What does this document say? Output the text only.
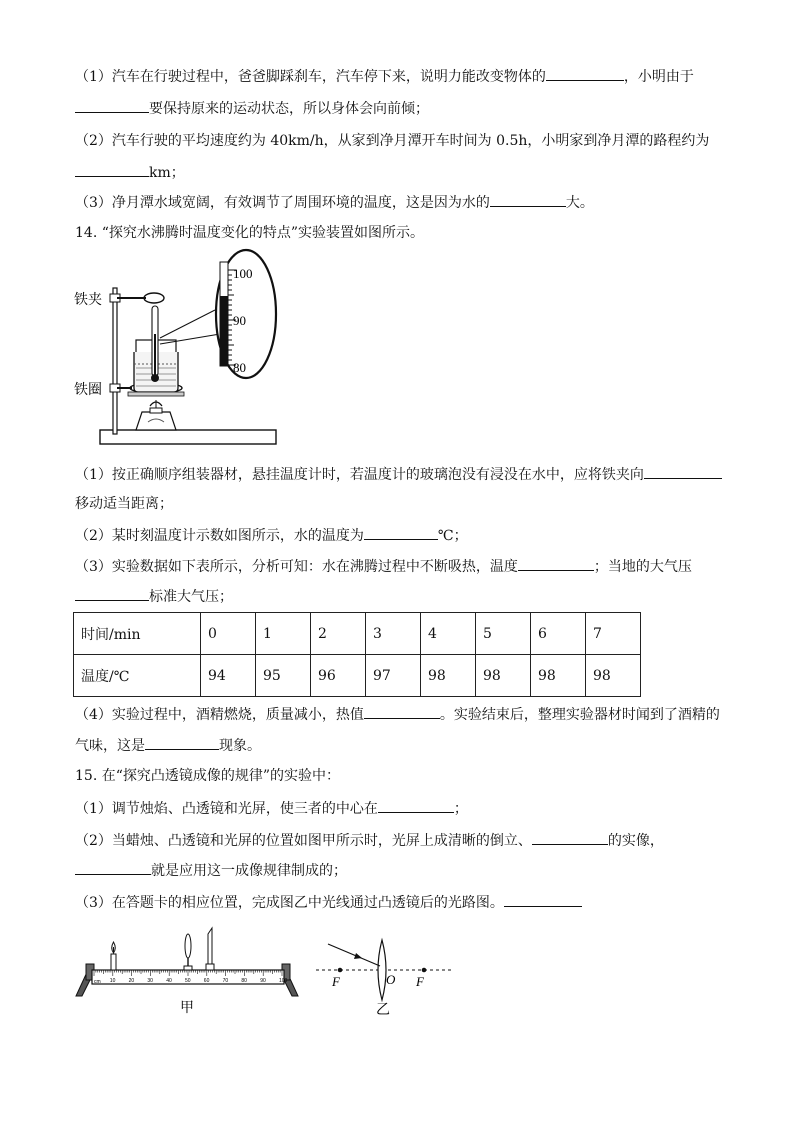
（1）汽车在行驶过程中，爸爸脚踩刹车，汽车停下来，说明力能改变物体的	，小明由于
要保持原来的运动状态，所以身体会向前倾；
（2）汽车行驶的平均速度约为 40km/h，从家到净月潭开车时间为 0.5h，小明家到净月潭的路程约为
km；
（3）净月潭水域宽阔，有效调节了周围环境的温度，这是因为水的	大。
14. “探究水沸腾时温度变化的特点”实验装置如图所示。
100
90
80
铁夹
铁圈
（1）按正确顺序组装器材，悬挂温度计时，若温度计的玻璃泡没有浸没在水中，应将铁夹向
移动适当距离；
（2）某时刻温度计示数如图所示，水的温度为	℃；
（3）实验数据如下表所示，分析可知：水在沸腾过程中不断吸热，温度	；当地的大气压
标准大气压；
时间/min	0	1	2	3	4	5	6	7
温度/℃	94	95	96	97	98	98	98	98
（4）实验过程中，酒精燃烧，质量减小，热值	。实验结束后，整理实验器材时闻到了酒精的
气味，这是	现象。
15. 在“探究凸透镜成像的规律”的实验中：
（1）调节烛焰、凸透镜和光屏，使三者的中心在	；
（2）当蜡烛、凸透镜和光屏的位置如图甲所示时，光屏上成清晰的倒立、	的实像，
就是应用这一成像规律制成的；
（3）在答题卡的相应位置，完成图乙中光线通过凸透镜后的光路图。
10	20	30	40	50	60	70	80	90	100
cm
甲
F	O F
乙
